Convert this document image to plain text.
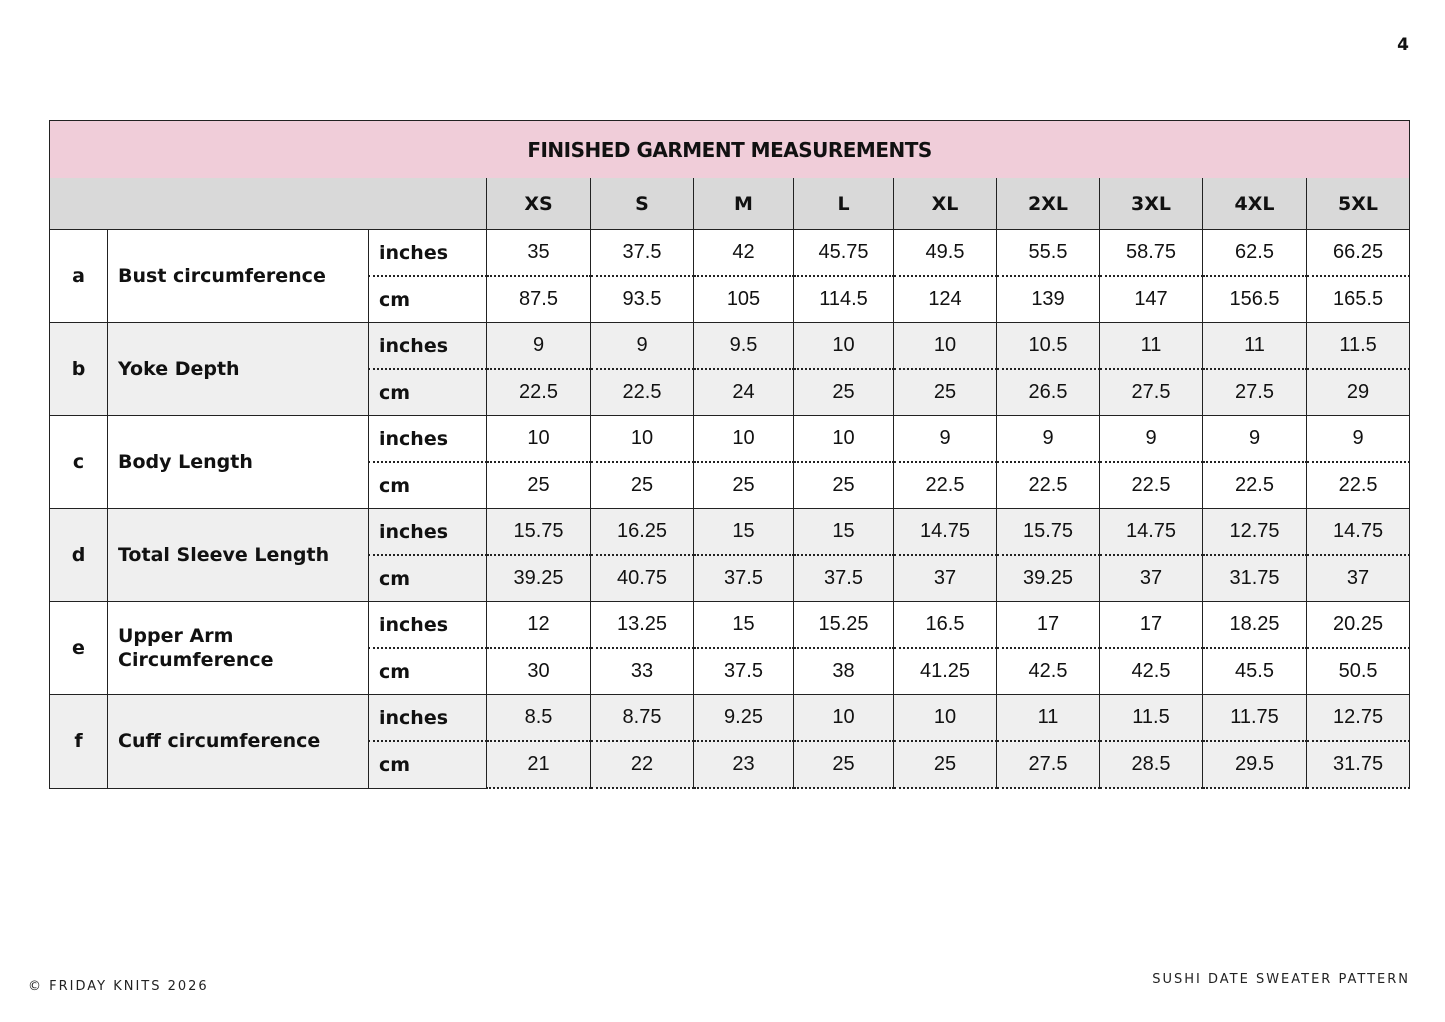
4
FINISHED GARMENT MEASUREMENTS											
			XS	S	M	L	XL	2XL	3XL	4XL	5XL
a	Bust circumference	inches	35	37.5	42	45.75	49.5	55.5	58.75	62.5	66.25
		cm	87.5	93.5	105	114.5	124	139	147	156.5	165.5
b	Yoke Depth	inches	9	9	9.5	10	10	10.5	11	11	11.5
		cm	22.5	22.5	24	25	25	26.5	27.5	27.5	29
c	Body Length	inches	10	10	10	10	9	9	9	9	9
		cm	25	25	25	25	22.5	22.5	22.5	22.5	22.5
d	Total Sleeve Length	inches	15.75	16.25	15	15	14.75	15.75	14.75	12.75	14.75
		cm	39.25	40.75	37.5	37.5	37	39.25	37	31.75	37
e	Upper Arm Circumference	inches	12	13.25	15	15.25	16.5	17	17	18.25	20.25
		cm	30	33	37.5	38	41.25	42.5	42.5	45.5	50.5
f	Cuff circumference	inches	8.5	8.75	9.25	10	10	11	11.5	11.75	12.75
		cm	21	22	23	25	25	27.5	28.5	29.5	31.75
© FRIDAY KNITS 2026	SUSHI DATE SWEATER PATTERN
